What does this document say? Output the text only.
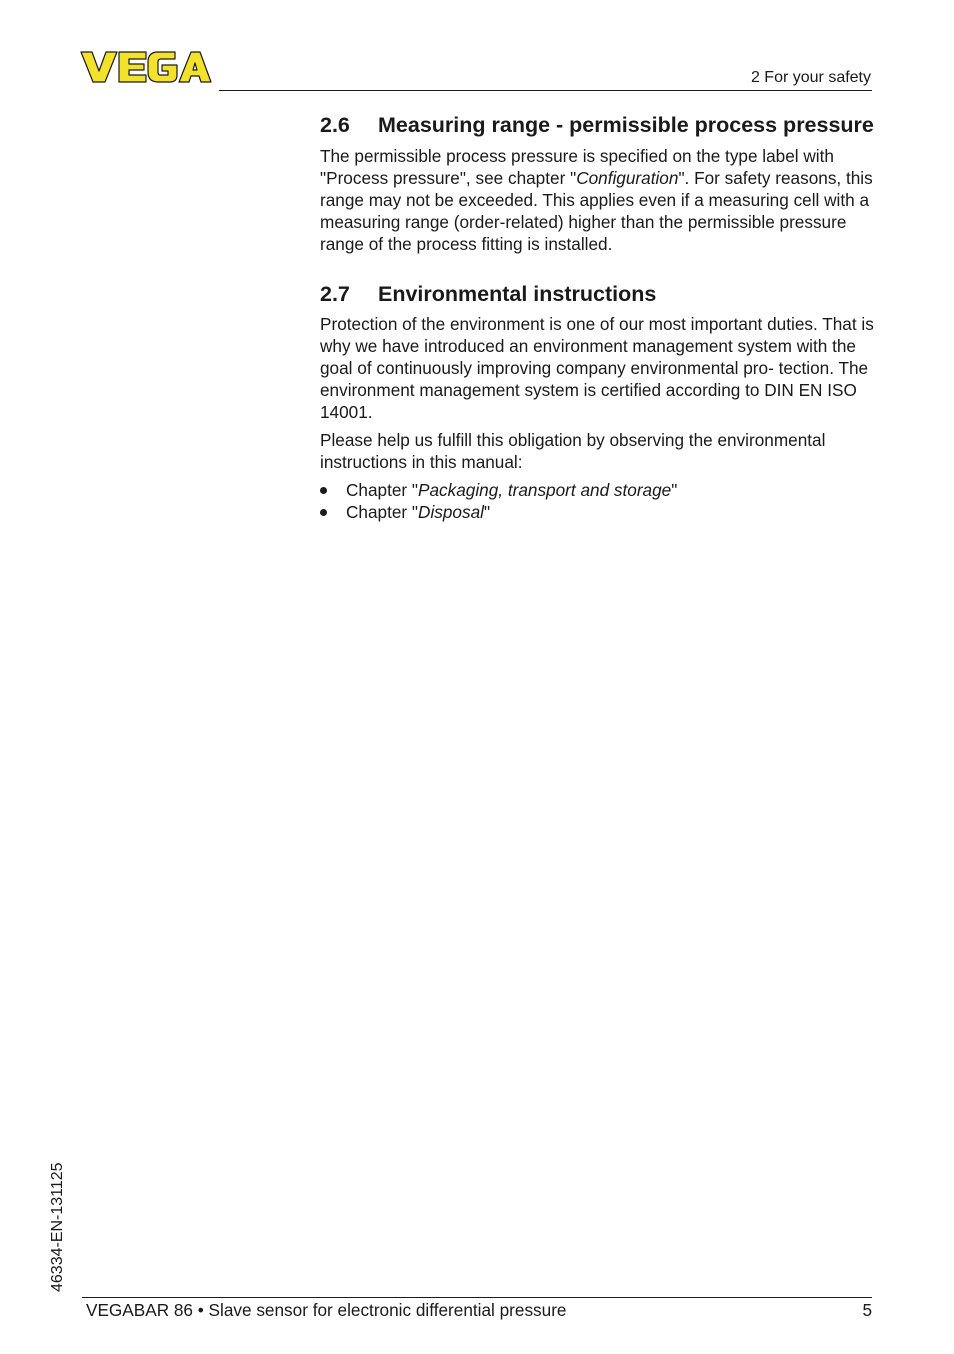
2 For your safety
2.6	Measuring range - permissible process pressure

The permissible process pressure is specified on the type label with "Process pressure", see chapter "Configuration". For safety reasons, this range may not be exceeded. This applies even if a measuring cell with a measuring range (order-related) higher than the permissible pressure range of the process fitting is installed.

2.7	Environmental instructions

Protection of the environment is one of our most important duties. That is why we have introduced an environment management system with the goal of continuously improving company environmental pro- tection. The environment management system is certified according to DIN EN ISO 14001.

Please help us fulfill this obligation by observing the environmental instructions in this manual:

Chapter "Packaging, transport and storage"
Chapter "Disposal"
46334-EN-131125
VEGABAR 86 • Slave sensor for electronic differential pressure	5
